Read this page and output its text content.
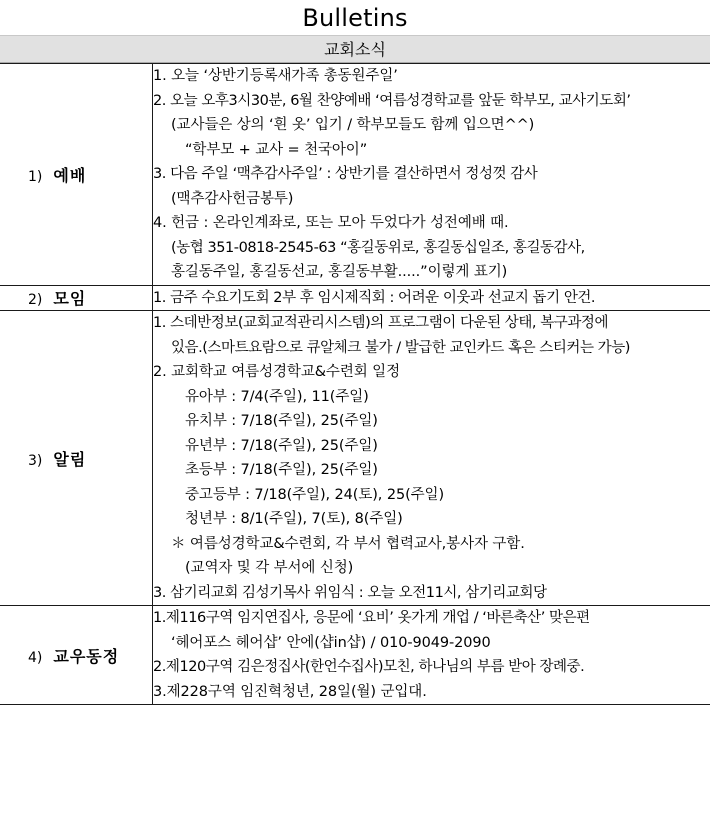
Bulletins
교회소식
1) 예배

1. 오늘 ‘상반기등록새가족 총동원주일’
2. 오늘 오후3시30분, 6월 찬양예배 ‘여름성경학교를 앞둔 학부모, 교사기도회’
(교사들은 상의 ‘흰 옷’ 입기 / 학부모들도 함께 입으면^^)
“학부모 + 교사 = 천국아이”
3. 다음 주일 ‘맥추감사주일’ : 상반기를 결산하면서 정성껏 감사
(맥추감사헌금봉투)
4. 헌금 : 온라인계좌로, 또는 모아 두었다가 성전예배 때.
(농협 351-0818-2545-63 “홍길동위로, 홍길동십일조, 홍길동감사,
홍길동주일, 홍길동선교, 홍길동부활.....”이렇게 표기)

2) 모임	1. 금주 수요기도회 2부 후 임시제직회 : 어려운 이웃과 선교지 돕기 안건.

3) 알림

1. 스데반정보(교회교적관리시스템)의 프로그램이 다운된 상태, 복구과정에
있음.(스마트요람으로 큐알체크 불가 / 발급한 교인카드 혹은 스티커는 가능)
2. 교회학교 여름성경학교&수련회 일정
유아부 : 7/4(주일), 11(주일)
유치부 : 7/18(주일), 25(주일)
유년부 : 7/18(주일), 25(주일)
초등부 : 7/18(주일), 25(주일)
중고등부 : 7/18(주일), 24(토), 25(주일)
청년부 : 8/1(주일), 7(토), 8(주일)
＊ 여름성경학교&수련회, 각 부서 협력교사,봉사자 구함.
(교역자 및 각 부서에 신청)
3. 삼기리교회 김성기목사 위임식 : 오늘 오전11시, 삼기리교회당

4) 교우동정	1.제116구역 임지연집사, 응문에 ‘요비’ 옷가게 개업 / ‘바른축산’ 맞은편
‘헤어포스 헤어샵’ 안에(샵in샵) / 010-9049-2090
2.제120구역 김은정집사(한언수집사)모친, 하나님의 부름 받아 장례중.
3.제228구역 임진혁청년, 28일(월) 군입대.
